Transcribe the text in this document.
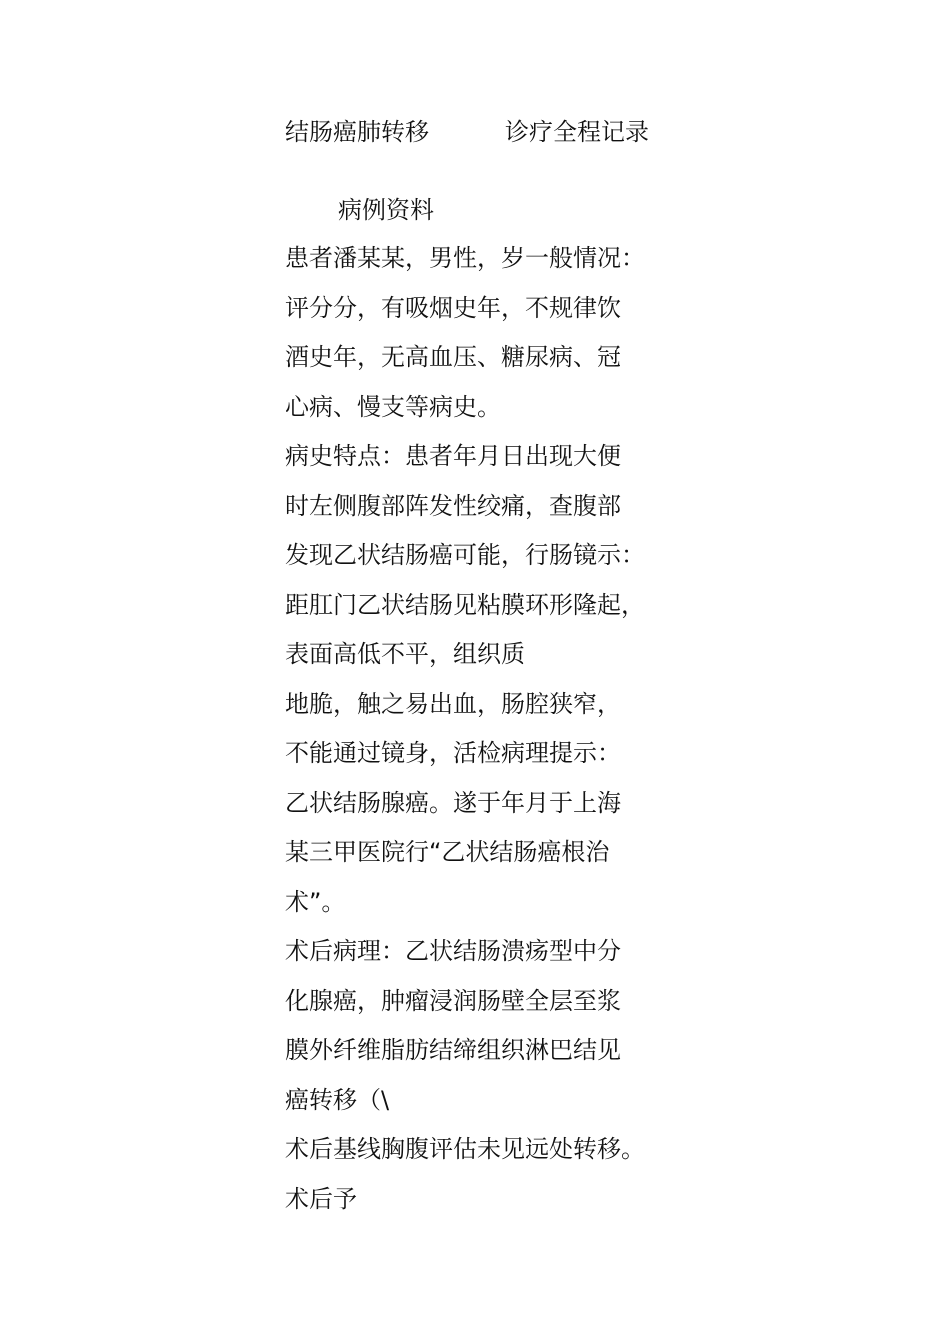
结肠癌肺转移	诊疗全程记录
病例资料
患者潘某某，男性，岁一般情况：
评分分，有吸烟史年，不规律饮
酒史年，无高血压、糖尿病、冠
心病、慢支等病史。
病史特点：患者年月日出现大便
时左侧腹部阵发性绞痛，查腹部
发现乙状结肠癌可能，行肠镜示：
距肛门乙状结肠见粘膜环形隆起，
表面高低不平，组织质
地脆，触之易出血，肠腔狭窄，
不能通过镜身，活检病理提示：
乙状结肠腺癌。遂于年月于上海
某三甲医院行“乙状结肠癌根治
术”。
术后病理：乙状结肠溃疡型中分
化腺癌，肿瘤浸润肠壁全层至浆
膜外纤维脂肪结缔组织淋巴结见
癌转移（\
术后基线胸腹评估未见远处转移。
术后予
